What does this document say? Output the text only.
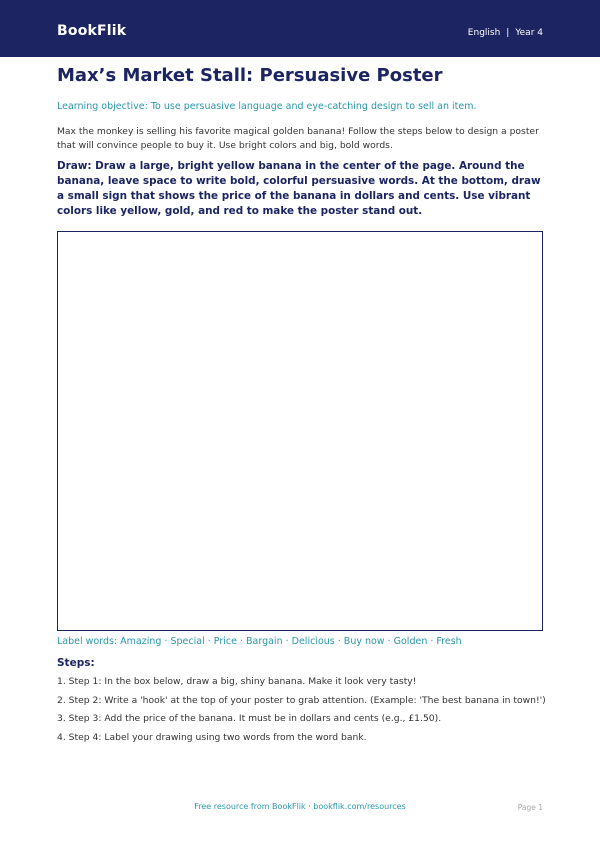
BookFlik	English | Year 4
Max’s Market Stall: Persuasive Poster
Learning objective: To use persuasive language and eye-catching design to sell an item.
Max the monkey is selling his favorite magical golden banana! Follow the steps below to design a poster that will convince people to buy it. Use bright colors and big, bold words.
Draw: Draw a large, bright yellow banana in the center of the page. Around the banana, leave space to write bold, colorful persuasive words. At the bottom, draw a small sign that shows the price of the banana in dollars and cents. Use vibrant colors like yellow, gold, and red to make the poster stand out.
Label words: Amazing · Special · Price · Bargain · Delicious · Buy now · Golden · Fresh
Steps:
1. Step 1: In the box below, draw a big, shiny banana. Make it look very tasty!
2. Step 2: Write a 'hook' at the top of your poster to grab attention. (Example: 'The best banana in town!')
3. Step 3: Add the price of the banana. It must be in dollars and cents (e.g., £1.50).
4. Step 4: Label your drawing using two words from the word bank.
Free resource from BookFlik · bookflik.com/resources	Page 1
